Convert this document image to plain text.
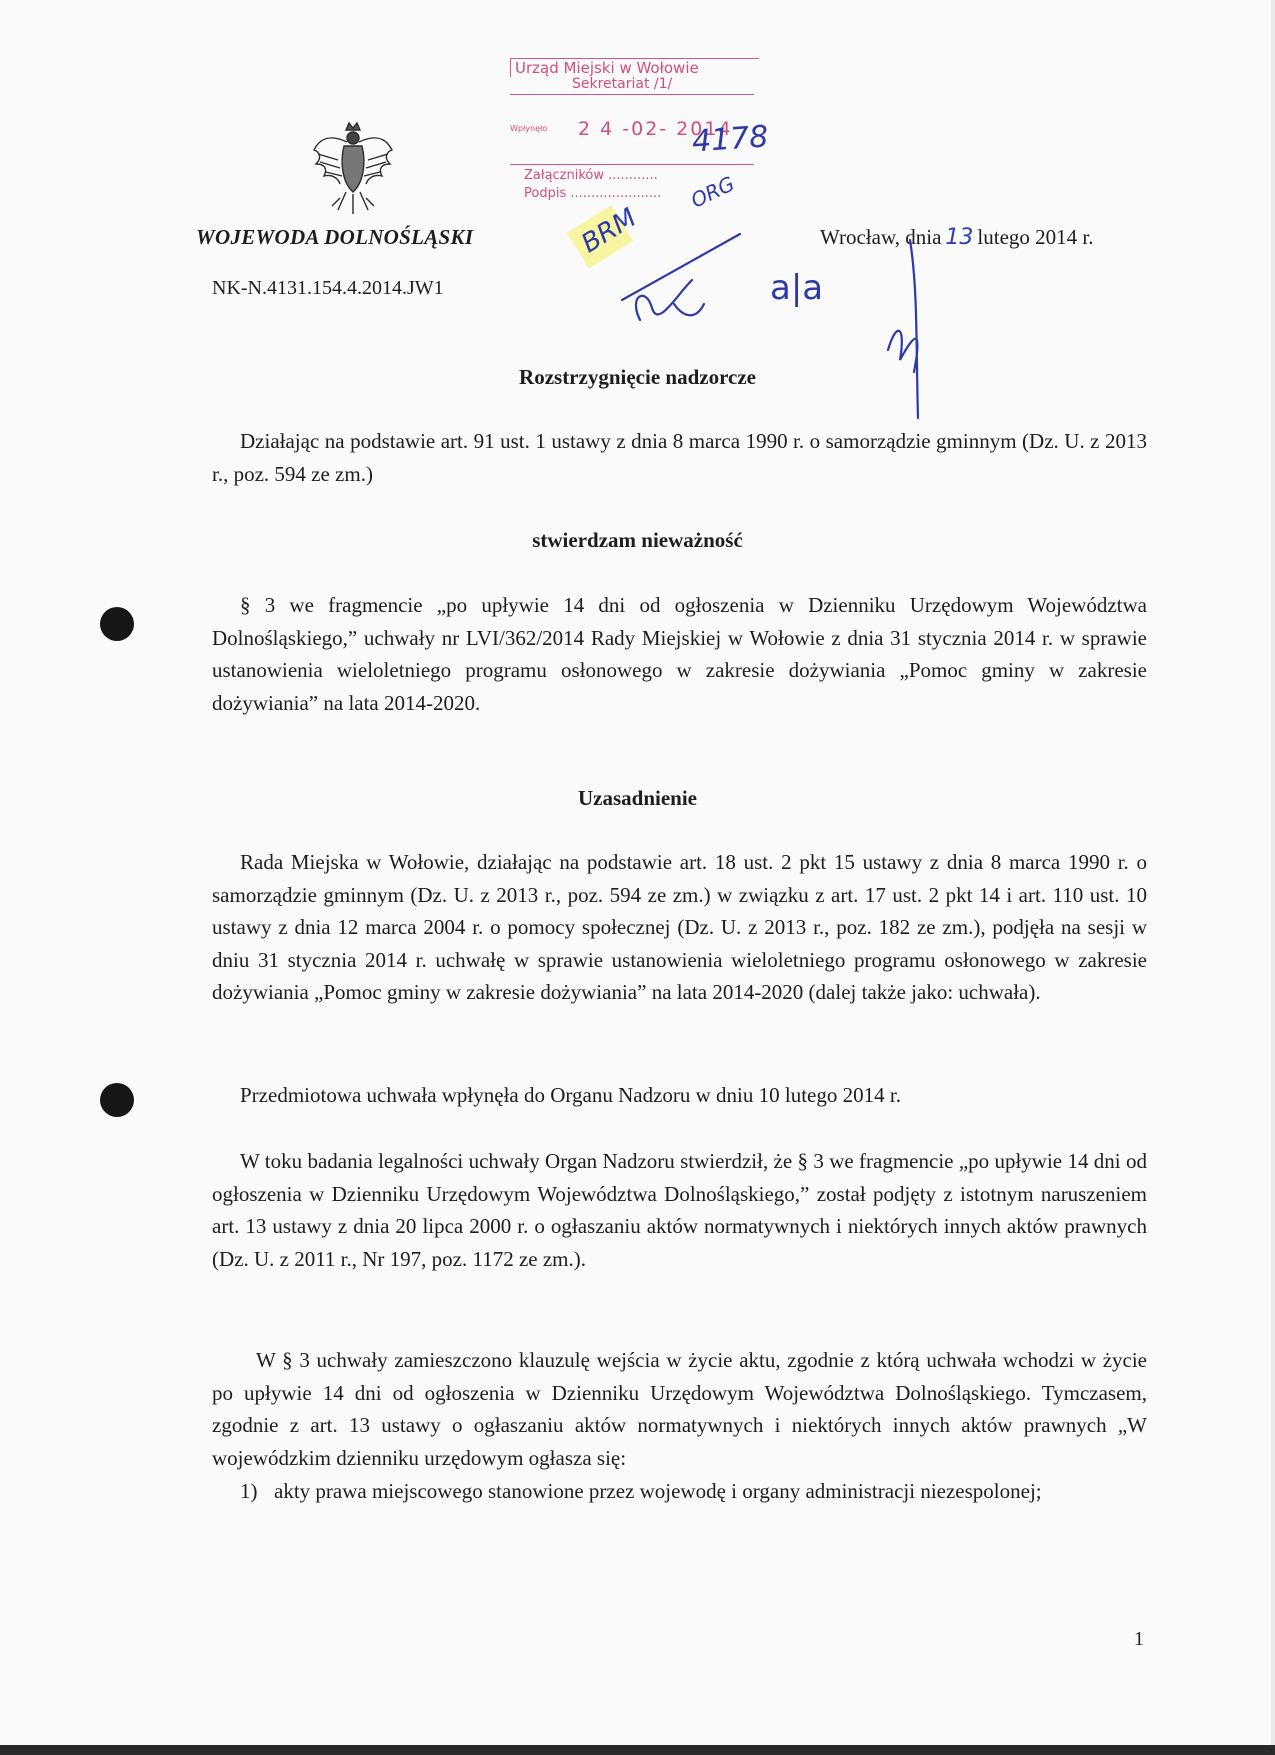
WOJEWODA DOLNOŚLĄSKI
NK-N.4131.154.4.2014.JW1
Wrocław, dnia 13 lutego 2014 r.
Urząd Miejski w Wołowie
Sekretariat /1/
Wpłynęło 2 4 -02- 2014
Załączników ............
Podpis ......................
4178
BRM
ORG
a|a
Rozstrzygnięcie nadzorcze
Działając na podstawie art. 91 ust. 1 ustawy z dnia 8 marca 1990 r. o samorządzie gminnym (Dz. U. z 2013 r., poz. 594 ze zm.)
stwierdzam nieważność
§ 3 we fragmencie „po upływie 14 dni od ogłoszenia w Dzienniku Urzędowym Województwa Dolnośląskiego,” uchwały nr LVI/362/2014 Rady Miejskiej w Wołowie z dnia 31 stycznia 2014 r. w sprawie ustanowienia wieloletniego programu osłonowego w zakresie dożywiania „Pomoc gminy w zakresie dożywiania” na lata 2014-2020.
Uzasadnienie
Rada Miejska w Wołowie, działając na podstawie art. 18 ust. 2 pkt 15 ustawy z dnia 8 marca 1990 r. o samorządzie gminnym (Dz. U. z 2013 r., poz. 594 ze zm.) w związku z art. 17 ust. 2 pkt 14 i art. 110 ust. 10 ustawy z dnia 12 marca 2004 r. o pomocy społecznej (Dz. U. z 2013 r., poz. 182 ze zm.), podjęła na sesji w dniu 31 stycznia 2014 r. uchwałę w sprawie ustanowienia wieloletniego programu osłonowego w zakresie dożywiania „Pomoc gminy w zakresie dożywiania” na lata 2014-2020 (dalej także jako: uchwała).
Przedmiotowa uchwała wpłynęła do Organu Nadzoru w dniu 10 lutego 2014 r.
W toku badania legalności uchwały Organ Nadzoru stwierdził, że § 3 we fragmencie „po upływie 14 dni od ogłoszenia w Dzienniku Urzędowym Województwa Dolnośląskiego,” został podjęty z istotnym naruszeniem art. 13 ustawy z dnia 20 lipca 2000 r. o ogłaszaniu aktów normatywnych i niektórych innych aktów prawnych (Dz. U. z 2011 r., Nr 197, poz. 1172 ze zm.).
W § 3 uchwały zamieszczono klauzulę wejścia w życie aktu, zgodnie z którą uchwała wchodzi w życie po upływie 14 dni od ogłoszenia w Dzienniku Urzędowym Województwa Dolnośląskiego. Tymczasem, zgodnie z art. 13 ustawy o ogłaszaniu aktów normatywnych i niektórych innych aktów prawnych „W wojewódzkim dzienniku urzędowym ogłasza się:
1) akty prawa miejscowego stanowione przez wojewodę i organy administracji niezespolonej;
1
